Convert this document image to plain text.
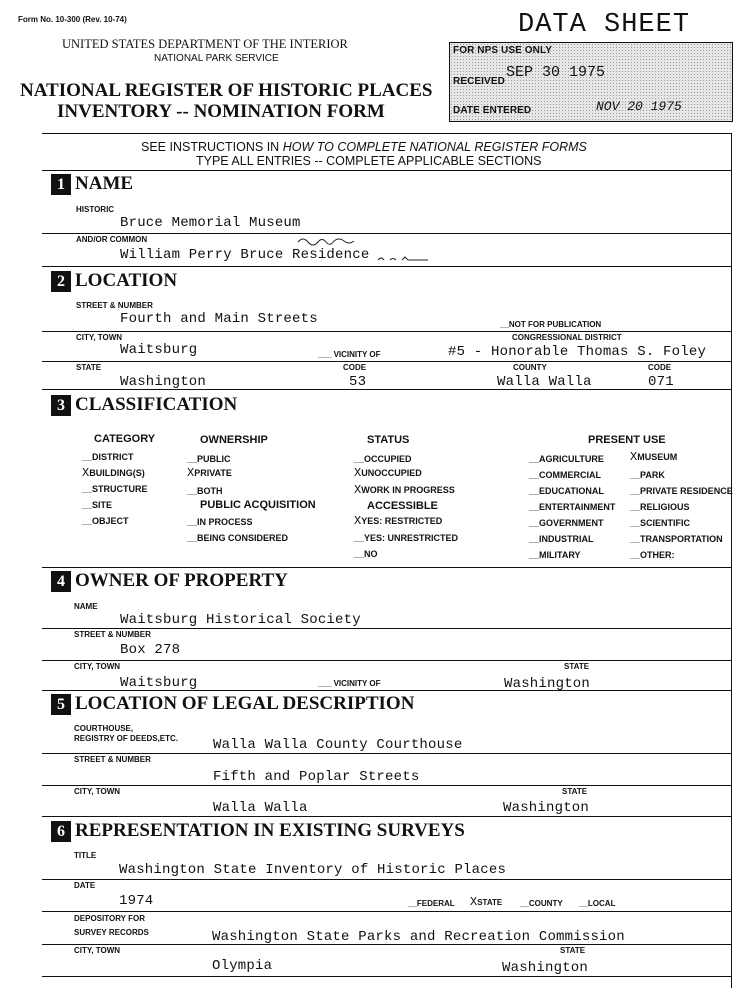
Form No. 10-300 (Rev. 10-74)	DATA SHEET
UNITED STATES DEPARTMENT OF THE INTERIOR
NATIONAL PARK SERVICE
NATIONAL REGISTER OF HISTORIC PLACES
INVENTORY -- NOMINATION FORM
FOR NPS USE ONLY
RECEIVED
SEP 30 1975
DATE ENTERED	NOV 20 1975
SEE INSTRUCTIONS IN HOW TO COMPLETE NATIONAL REGISTER FORMS
TYPE ALL ENTRIES -- COMPLETE APPLICABLE SECTIONS
1 NAME
HISTORIC
Bruce Memorial Museum
AND/OR COMMON
William Perry Bruce Residence
2 LOCATION
STREET & NUMBER
Fourth and Main Streets	__NOT FOR PUBLICATION
CITY, TOWN	CONGRESSIONAL DISTRICT
Waitsburg	___ VICINITY OF	#5 - Honorable Thomas S. Foley
STATE	CODE	COUNTY	CODE
Washington	53	Walla Walla	071
3 CLASSIFICATION
CATEGORY	OWNERSHIP	STATUS	PRESENT USE
__DISTRICT
XBUILDING(S)
__STRUCTURE
__SITE
__OBJECT
__PUBLIC
XPRIVATE
__BOTH
PUBLIC ACQUISITION
__IN PROCESS
__BEING CONSIDERED
__OCCUPIED
XUNOCCUPIED
XWORK IN PROGRESS
ACCESSIBLE
XYES: RESTRICTED
__YES: UNRESTRICTED
__NO
__AGRICULTURE
__COMMERCIAL
__EDUCATIONAL
__ENTERTAINMENT
__GOVERNMENT
__INDUSTRIAL
__MILITARY
XMUSEUM
__PARK
__PRIVATE RESIDENCE
__RELIGIOUS
__SCIENTIFIC
__TRANSPORTATION
__OTHER:
4 OWNER OF PROPERTY
NAME
Waitsburg Historical Society
STREET & NUMBER
Box 278
CITY, TOWN	STATE
Waitsburg	___ VICINITY OF	Washington
5 LOCATION OF LEGAL DESCRIPTION
COURTHOUSE,
REGISTRY OF DEEDS,ETC. Walla Walla County Courthouse
STREET & NUMBER
Fifth and Poplar Streets
CITY, TOWN	STATE
Walla Walla	Washington
6 REPRESENTATION IN EXISTING SURVEYS
TITLE
Washington State Inventory of Historic Places
DATE
1974	__FEDERAL XSTATE __COUNTY __LOCAL
DEPOSITORY FOR
SURVEY RECORDS	Washington State Parks and Recreation Commission
CITY, TOWN	STATE
Olympia	Washington
